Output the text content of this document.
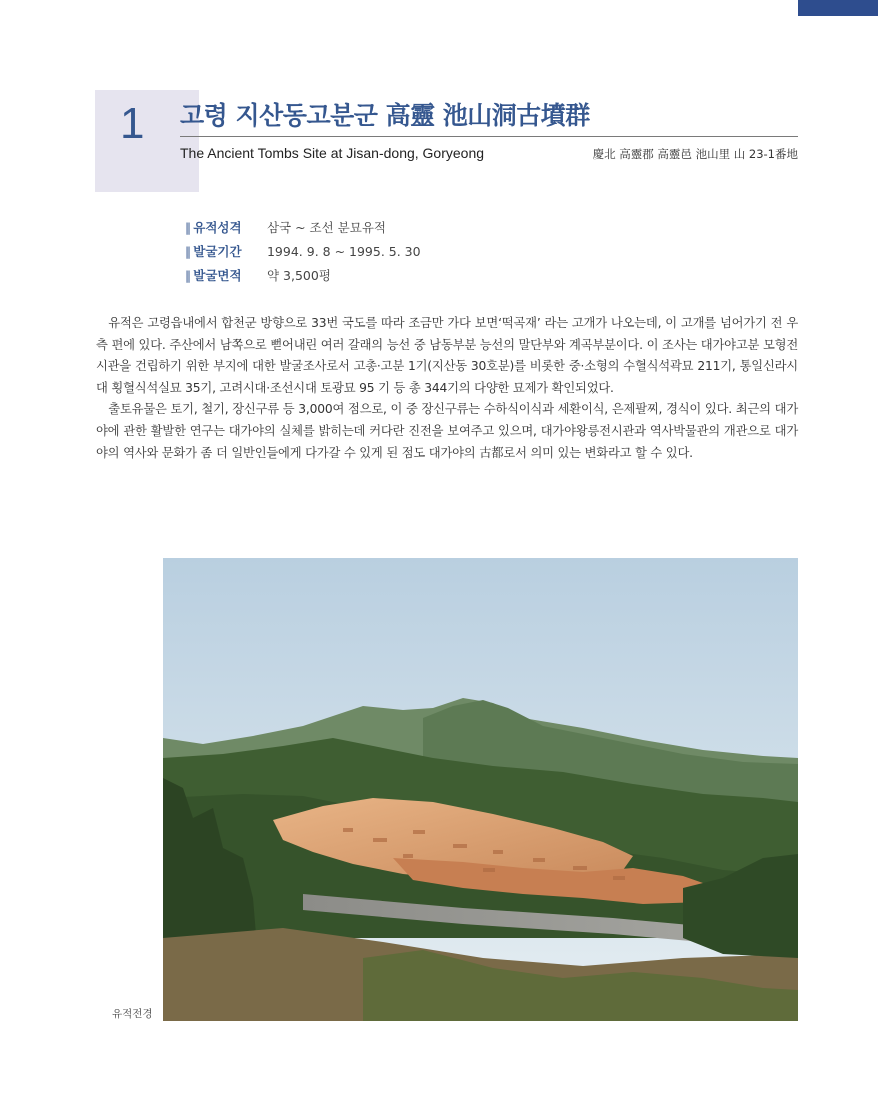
1 고령 지산동고분군 高靈 池山洞古墳群
The Ancient Tombs Site at Jisan-dong, Goryeong	慶北 高靈郡 高靈邑 池山里 山 23-1番地
∥ 유적성격 삼국 ~ 조선 분묘유적
∥ 발굴기간 1994. 9. 8 ~ 1995. 5. 30
∥ 발굴면적 약 3,500평

유적은 고령읍내에서 합천군 방향으로 33번 국도를 따라 조금만 가다 보면‘떡곡재’ 라는 고개가 나오는데, 이 고개를 넘어가기 전 우측 편에 있다. 주산에서 남쪽으로 뻗어내린 여러 갈래의 능선 중 남동부분 능선의 말단부와 계곡부분이다. 이 조사는 대가야고분 모형전시관을 건립하기 위한 부지에 대한 발굴조사로서 고총·고분 1기(지산동 30호분)를 비롯한 중·소형의 수혈식석곽묘 211기, 통일신라시대 횡혈식석실묘 35기, 고려시대·조선시대 토광묘 95 기 등 총 344기의 다양한 묘제가 확인되었다.

출토유물은 토기, 철기, 장신구류 등 3,000여 점으로, 이 중 장신구류는 수하식이식과 세환이식, 은제팔찌, 경식이 있다. 최근의 대가야에 관한 활발한 연구는 대가야의 실체를 밝히는데 커다란 진전을 보여주고 있으며, 대가야왕릉전시관과 역사박물관의 개관으로 대가야의 역사와 문화가 좀 더 일반인들에게 다가갈 수 있게 된 점도 대가야의 古都로서 의미 있는 변화라고 할 수 있다.

유적전경
